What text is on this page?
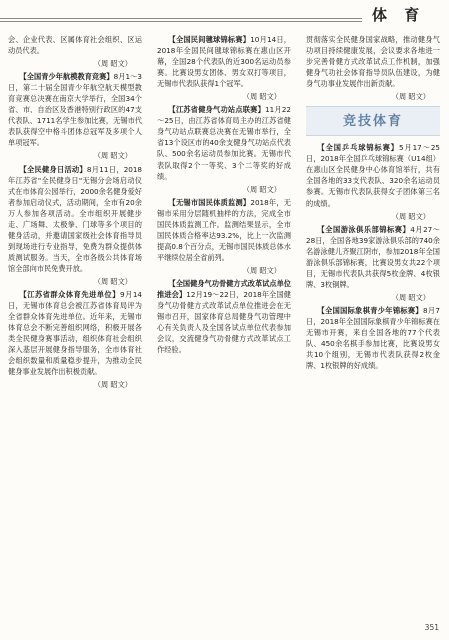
体 育

会、企业代表、区属体育社会组织、区运动员代表。

（周 昭文）

【全国青少年航模教育竞赛】8月1～3日，第二十届全国青少年航空航天模型教育竞赛总决赛在南京大学举行，全国34个省、市、自治区及香港特别行政区的47支代表队、1711名学生参加比赛，无锡市代表队获得空中格斗团体总冠军及多项个人单项冠军。

（周 昭文）

【全民健身日活动】8月11日，2018年江苏省"全民健身日"无锡分会场启动仪式在市体育公园举行，2000余名健身爱好者参加启动仪式，活动期间，全市有20余万人参加各项活动。全市组织开展健步走、广场舞、太极拳、门球等多个项目的健身活动，并邀请国家级社会体育指导员到现场进行专业指导，免费为群众提供体质测试服务。当天，全市各级公共体育场馆全部向市民免费开放。

（周 昭文）

【江苏省群众体育先进单位】9月14日，无锡市体育总会被江苏省体育局评为全省群众体育先进单位。近年来，无锡市体育总会不断完善组织网络，积极开展各类全民健身赛事活动，组织体育社会组织深入基层开展健身指导服务，全市体育社会组织数量和质量稳步提升，为推动全民健身事业发展作出积极贡献。

（周 昭文）

【全国民间毽球锦标赛】10月14日，2018年全国民间毽球锦标赛在惠山区开幕，全国28个代表队的近300名运动员参赛。比赛设男女团体、男女双打等项目，无锡市代表队获得1个冠军。

（周 昭文）

【江苏省健身气功站点联赛】11月22～25日，由江苏省体育局主办的江苏省健身气功站点联赛总决赛在无锡市举行，全省13个设区市的40余支健身气功站点代表队、500余名运动员参加比赛。无锡市代表队取得2个一等奖、3个二等奖的好成绩。

（周 昭文）

【无锡市国民体质监测】2018年，无锡市采用分层随机抽样的方法，完成全市国民体质监测工作。监测结果显示，全市国民体质合格率达93.2%，比上一次监测提高0.8个百分点，无锡市国民体质总体水平继续位居全省前列。

（周 昭文）

【全国健身气功骨健方式改革试点单位推进会】12月19～22日，2018年全国健身气功骨健方式改革试点单位推进会在无锡市召开，国家体育总局健身气功管理中心有关负责人及全国各试点单位代表参加会议，交流健身气功骨健方式改革试点工作经验。

贯彻落实全民健身国家战略，推动健身气功项目持续健康发展，会议要求各地进一步完善骨健方式改革试点工作机制，加强健身气功社会体育指导员队伍建设，为健身气功事业发展作出新贡献。

（周 昭文）

竞技体育

【全国乒乓球锦标赛】5月17～25日，2018年全国乒乓球锦标赛（U14组）在惠山区全民健身中心体育馆举行，共有全国各地的33支代表队、320余名运动员参赛。无锡市代表队获得女子团体第三名的成绩。

（周 昭文）

【全国游泳俱乐部锦标赛】4月27～28日，全国各地39家游泳俱乐部的740余名游泳健儿齐聚江阴市，参加2018年全国游泳俱乐部锦标赛，比赛设男女共22个项目，无锡市代表队共获得5枚金牌、4枚银牌、3枚铜牌。

（周 昭文）

【全国国际象棋青少年锦标赛】8月7日，2018年全国国际象棋青少年锦标赛在无锡市开赛，来自全国各地的77个代表队、450余名棋手参加比赛，比赛设男女共10个组别，无锡市代表队获得2枚金牌、1枚银牌的好成绩。

351
